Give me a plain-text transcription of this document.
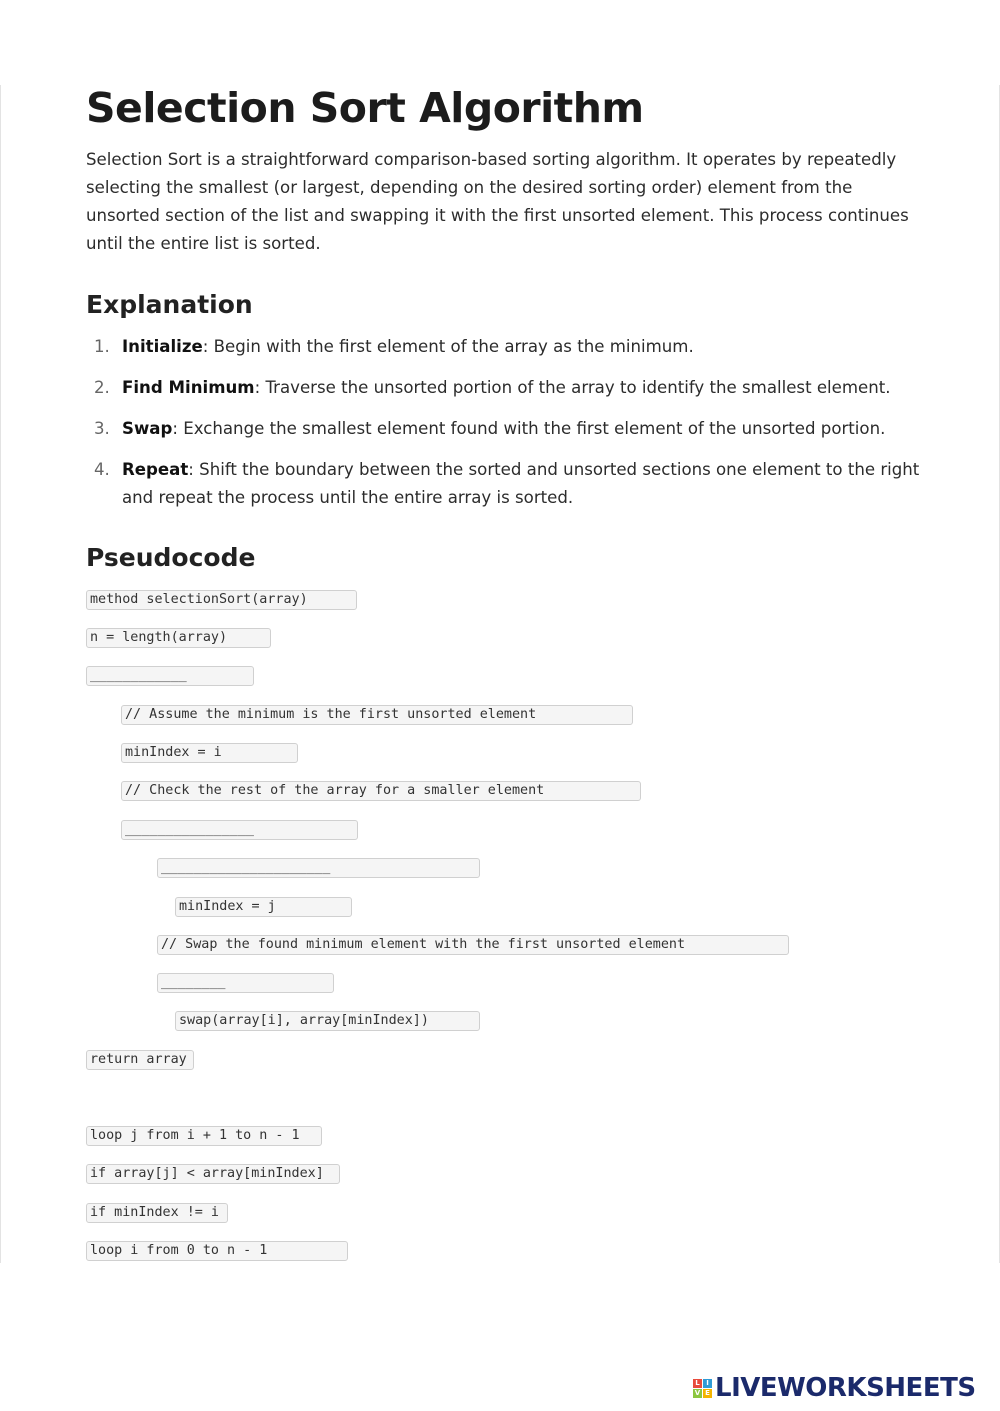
Selection Sort Algorithm

Selection Sort is a straightforward comparison-based sorting algorithm. It operates by repeatedly selecting the smallest (or largest, depending on the desired sorting order) element from the unsorted section of the list and swapping it with the first unsorted element. This process continues until the entire list is sorted.

Explanation
1. Initialize: Begin with the first element of the array as the minimum.
2. Find Minimum: Traverse the unsorted portion of the array to identify the smallest element.
3. Swap: Exchange the smallest element found with the first element of the unsorted portion.
4. Repeat: Shift the boundary between the sorted and unsorted sections one element to the right and repeat the process until the entire array is sorted.
Pseudocode
method selectionSort(array)
n = length(array)
____________
// Assume the minimum is the first unsorted element
minIndex = i
// Check the rest of the array for a smaller element
________________
_____________________
minIndex = j
// Swap the found minimum element with the first unsorted element
________
swap(array[i], array[minIndex])
return array
loop j from i + 1 to n - 1
if array[j] < array[minIndex]
if minIndex != i
loop i from 0 to n - 1
L I
V E LIVEWORKSHEETS
